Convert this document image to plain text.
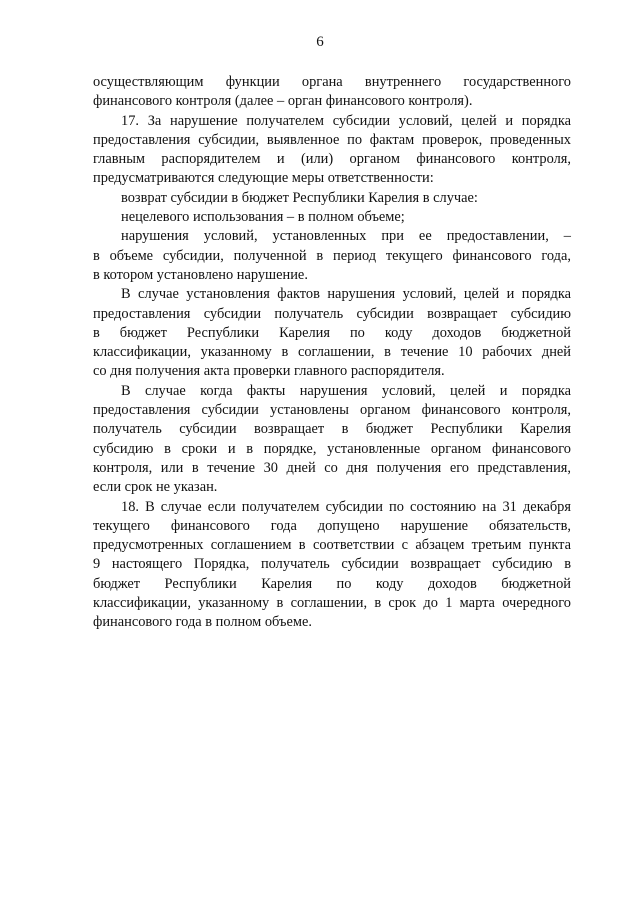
6
осуществляющим функции органа внутреннего государственного
финансового контроля (далее – орган финансового контроля).
17. За нарушение получателем субсидии условий, целей и порядка
предоставления субсидии, выявленное по фактам проверок, проведенных
главным распорядителем и (или) органом финансового контроля,
предусматриваются следующие меры ответственности:
возврат субсидии в бюджет Республики Карелия в случае:
нецелевого использования – в полном объеме;
нарушения условий, установленных при ее предоставлении, –
в объеме субсидии, полученной в период текущего финансового года,
в котором установлено нарушение.
В случае установления фактов нарушения условий, целей и порядка
предоставления субсидии получатель субсидии возвращает субсидию
в бюджет Республики Карелия по коду доходов бюджетной
классификации, указанному в соглашении, в течение 10 рабочих дней
со дня получения акта проверки главного распорядителя.
В случае когда факты нарушения условий, целей и порядка
предоставления субсидии установлены органом финансового контроля,
получатель субсидии возвращает в бюджет Республики Карелия
субсидию в сроки и в порядке, установленные органом финансового
контроля, или в течение 30 дней со дня получения его представления,
если срок не указан.
18. В случае если получателем субсидии по состоянию на 31 декабря
текущего финансового года допущено нарушение обязательств,
предусмотренных соглашением в соответствии с абзацем третьим пункта
9 настоящего Порядка, получатель субсидии возвращает субсидию в
бюджет Республики Карелия по коду доходов бюджетной
классификации, указанному в соглашении, в срок до 1 марта очередного
финансового года в полном объеме.
